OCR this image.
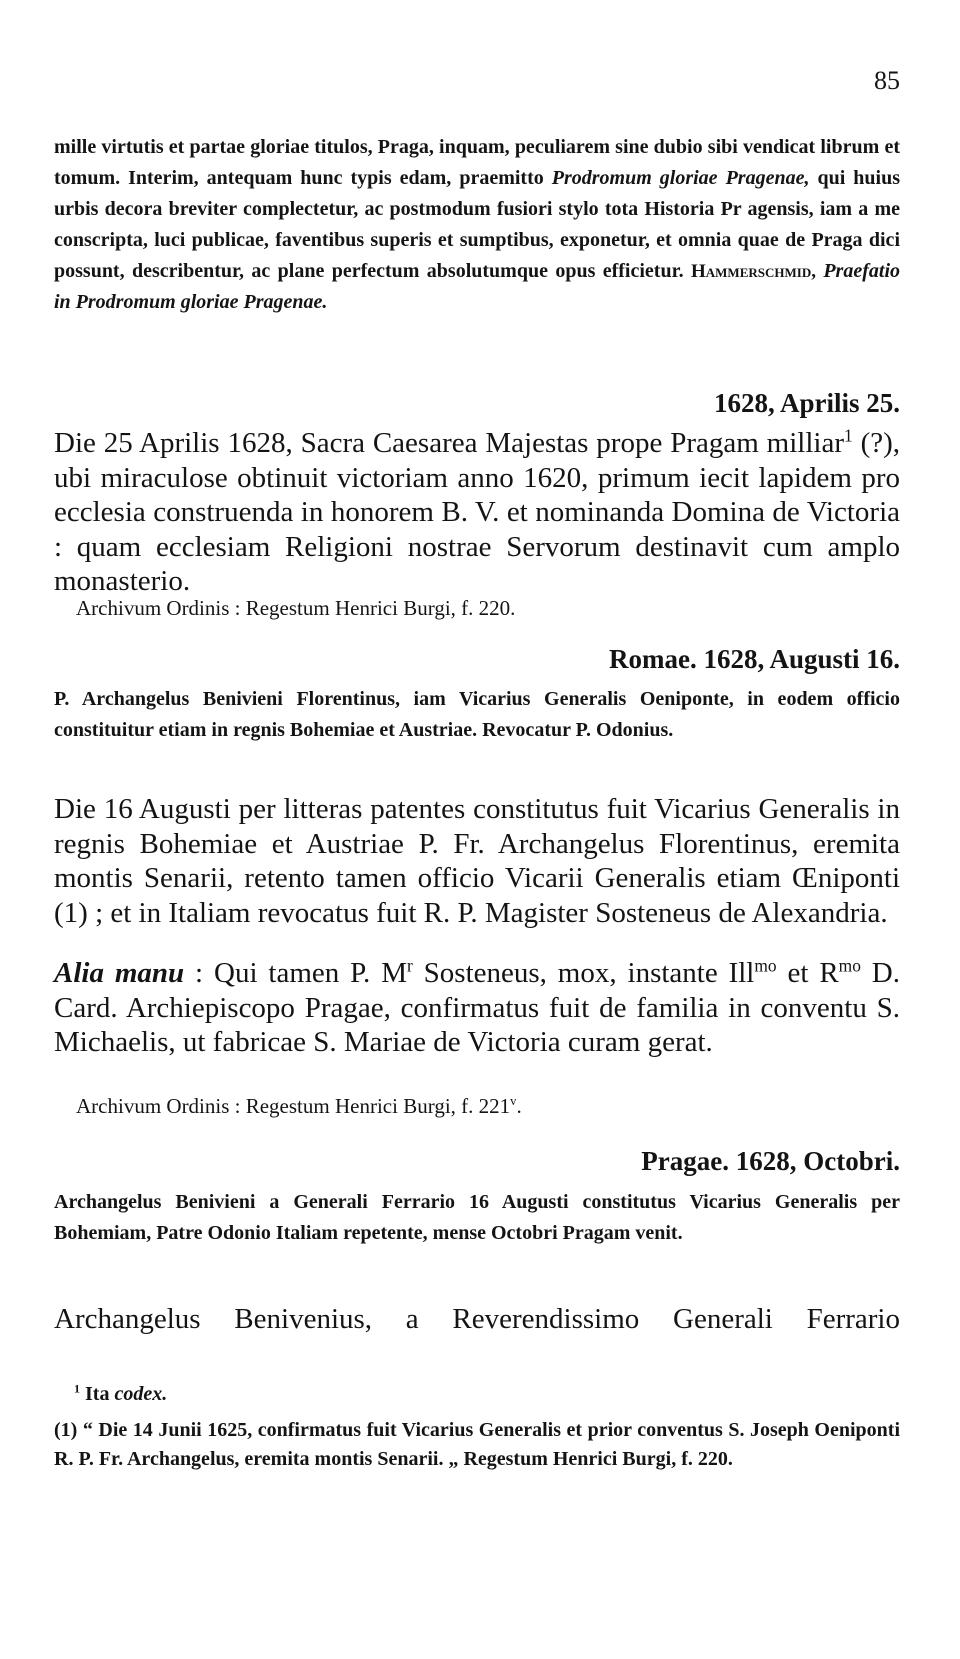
85
mille virtutis et partae gloriae titulos, Praga, inquam, peculiarem sine dubio sibi vendicat librum et tomum. Interim, antequam hunc typis edam, praemitto Prodromum gloriae Pragenae, qui huius urbis decora breviter complectetur, ac postmodum fusiori stylo tota Historia Pr agensis, iam a me conscripta, luci publicae, faventibus superis et sumptibus, exponetur, et omnia quae de Praga dici possunt, describentur, ac plane perfectum absolutumque opus efficietur. Hammerschmid, Praefatio in Prodromum gloriae Pragenae.
1628, Aprilis 25.
Die 25 Aprilis 1628, Sacra Caesarea Majestas prope Pragam milliar$^1$ (?), ubi miraculose obtinuit victoriam anno 1620, primum iecit lapidem pro ecclesia construenda in honorem B. V. et nominanda Domina de Victoria : quam ecclesiam Religioni nostrae Servorum destinavit cum amplo monasterio.
Archivum Ordinis : Regestum Henrici Burgi, f. 220.
Romae. 1628, Augusti 16.
P. Archangelus Benivieni Florentinus, iam Vicarius Generalis Oeniponte, in eodem officio constituitur etiam in regnis Bohemiae et Austriae. Revocatur P. Odonius.
Die 16 Augusti per litteras patentes constitutus fuit Vicarius Generalis in regnis Bohemiae et Austriae P. Fr. Archangelus Florentinus, eremita montis Senarii, retento tamen officio Vicarii Generalis etiam Œniponti (1) ; et in Italiam revocatus fuit R. P. Magister Sosteneus de Alexandria.
Alia manu : Qui tamen P. $M^r$ Sosteneus, mox, instante Ill$^{mo}$ et $R^{mo}$ D. Card. Archiepiscopo Pragae, confirmatus fuit de familia in conventu S. Michaelis, ut fabricae S. Mariae de Victoria curam gerat.
Archivum Ordinis : Regestum Henrici Burgi, f. 221$^v$.
Pragae. 1628, Octobri.
Archangelus Benivieni a Generali Ferrario 16 Augusti constitutus Vicarius Generalis per Bohemiam, Patre Odonio Italiam repetente, mense Octobri Pragam venit.
Archangelus Benivenius, a Reverendissimo Generali Ferrario
$^1$ Ita codex.
(1) “ Die 14 Junii 1625, confirmatus fuit Vicarius Generalis et prior conventus S. Joseph Oeniponti R. P. Fr. Archangelus, eremita montis Senarii. „ Regestum Henrici Burgi, f. 220.
